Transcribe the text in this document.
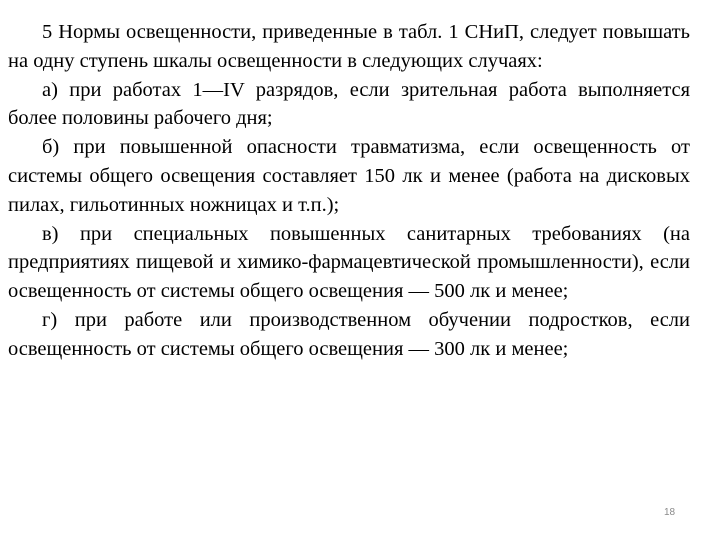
5 Нормы освещенности, приведенные в табл. 1 СНиП, следует повышать на одну ступень шкалы освещенности в следующих случаях:

а) при работах 1—IV разрядов, если зрительная работа выполняется более половины рабочего дня;

б) при повышенной опасности травматизма, если освещенность от системы общего освещения составляет 150 лк и менее (работа на дисковых пилах, гильотинных ножницах и т.п.);

в) при специальных повышенных санитарных требованиях (на предприятиях пищевой и химико-фармацевтической промышленности), если освещенность от системы общего освещения — 500 лк и менее;

г) при работе или производственном обучении подростков, если освещенность от системы общего освещения — 300 лк и менее;

18
